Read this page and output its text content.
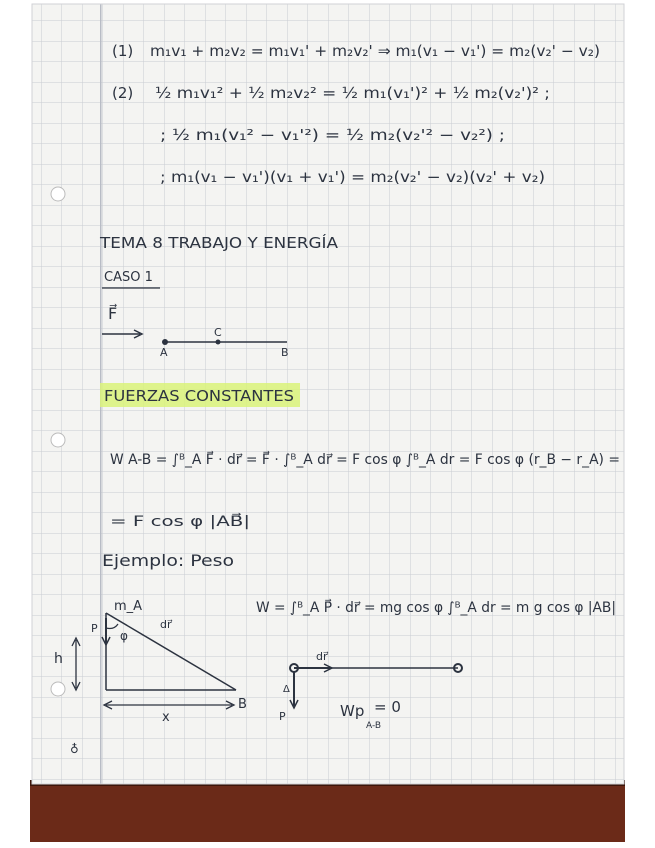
♁
(1) m₁v₁ + m₂v₂ = m₁v₁' + m₂v₂' ⇒ m₁(v₁ − v₁') = m₂(v₂' − v₂)
(2) ½ m₁v₁² + ½ m₂v₂² = ½ m₁(v₁')² + ½ m₂(v₂')² ;
; ½ m₁(v₁² − v₁'²) = ½ m₂(v₂'² − v₂²) ;
; m₁(v₁ − v₁')(v₁ + v₁') = m₂(v₂' − v₂)(v₂' + v₂)
TEMA 8 TRABAJO Y ENERGÍA
CASO 1
F⃗
A
C
B
FUERZAS CONSTANTES
W A-B = ∫ᴮ_A F⃗ · dr⃗ = F⃗ · ∫ᴮ_A dr⃗ = F cos φ ∫ᴮ_A dr = F cos φ (r_B − r_A) =
= F cos φ |AB⃗|
Ejemplo: Peso
W = ∫ᴮ_A P⃗ · dr⃗ = mg cos φ ∫ᴮ_A dr = m g cos φ |AB|
m_A
P
φ
dr⃗
h
x
B
dr⃗
Δ
P	Wp
A-B
= 0
